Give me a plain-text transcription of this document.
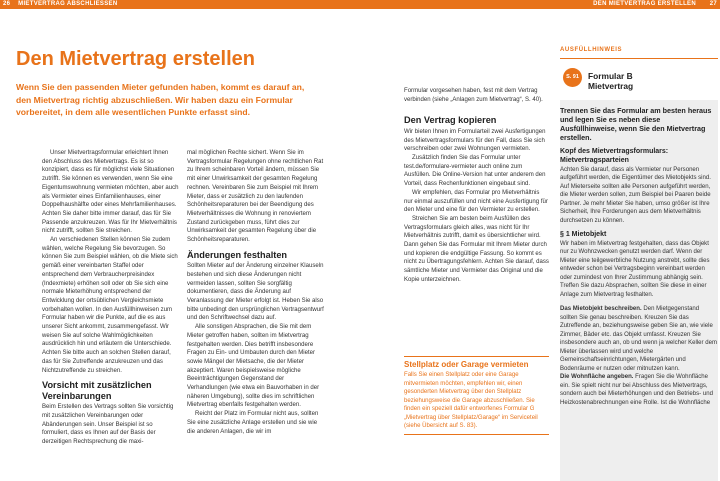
26 MIETVERTRAG ABSCHLIESSEN	DEN MIETVERTRAG ERSTELLEN 27
Den Mietvertrag erstellen
Wenn Sie den passenden Mieter gefunden haben, kommt es darauf an, den Mietvertrag richtig abzuschließen. Wir haben dazu ein Formular vorbereitet, in dem alle wesentlichen Punkte erfasst sind.

Unser Mietvertragsformular erleichtert Ihnen den Abschluss des Mietvertrags. Es ist so konzipiert, dass es für möglichst viele Situationen zutrifft. Sie können es verwenden, wenn Sie eine Eigentumswohnung vermieten möchten, aber auch als Vermieter eines Einfamilienhauses, einer Doppelhaushälfte oder eines Mehrfamilienhauses. Achten Sie daher bitte immer darauf, das für Sie Passende anzukreuzen. Was für Ihr Mietverhältnis nicht zutrifft, sollten Sie streichen.

An verschiedenen Stellen können Sie zudem wählen, welche Regelung Sie bevorzugen. So können Sie zum Beispiel wählen, ob die Miete sich gemäß einer vereinbarten Staffel oder entsprechend dem Verbraucherpreisindex (Indexmiete) erhöhen soll oder ob Sie sich eine normale Mieterhöhung entsprechend der Entwicklung der ortsüblichen Vergleichsmiete vorbehalten wollen. In den Ausfüllhinweisen zum Formular haben wir die Punkte, auf die es aus unserer Sicht ankommt, zusammengefasst. Wir weisen Sie auf solche Wahlmöglichkeiten ausdrücklich hin und erläutern die Unterschiede. Achten Sie bitte auch an solchen Stellen darauf, das für Sie Zutreffende anzukreuzen und das Nichtzutreffende zu streichen.

Vorsicht mit zusätzlichen Vereinbarungen

Beim Erstellen des Vertrags sollten Sie vorsichtig mit zusätzlichen Vereinbarungen oder Abänderungen sein. Unser Beispiel ist so formuliert, dass es Ihnen auf der Basis der derzeitigen Rechtsprechung die maxi-

mal möglichen Rechte sichert. Wenn Sie im Vertragsformular Regelungen ohne rechtlichen Rat zu Ihrem scheinbaren Vorteil ändern, müssen Sie mit einer Unwirksamkeit der gesamten Regelung rechnen. Vereinbaren Sie zum Beispiel mit Ihrem Mieter, dass er zusätzlich zu den laufenden Schönheitsreparaturen bei der Beendigung des Mietverhältnisses die Wohnung in renoviertem Zustand zurückgeben muss, führt dies zur Unwirksamkeit der gesamten Regelung über die Schönheitsreparaturen.

Änderungen festhalten

Sollten Mieter auf der Änderung einzelner Klauseln bestehen und sich diese Änderungen nicht vermeiden lassen, sollten Sie sorgfältig dokumentieren, dass die Änderung auf Veranlassung der Mieter erfolgt ist. Heben Sie also bitte unbedingt den ursprünglichen Vertragsentwurf und den Schriftwechsel dazu auf.

Alle sonstigen Absprachen, die Sie mit dem Mieter getroffen haben, sollten im Mietvertrag festgehalten werden. Dies betrifft insbesondere Fragen zu Ein- und Umbauten durch den Mieter sowie Mängel der Mietsache, die der Mieter akzeptiert. Waren beispielsweise mögliche Beeinträchtigungen Gegenstand der Verhandlungen (wie etwa ein Bauvorhaben in der näheren Umgebung), sollte dies im schriftlichen Mietvertrag ebenfalls festgehalten werden.

Reicht der Platz im Formular nicht aus, sollten Sie eine zusätzliche Anlage erstellen und sie wie die anderen Anlagen, die wir im

Formular vorgesehen haben, fest mit dem Vertrag verbinden (siehe „Anlagen zum Mietvertrag“, S. 40).

Den Vertrag kopieren

Wir bieten Ihnen im Formularteil zwei Ausfertigungen des Mietvertragsformulars für den Fall, dass Sie sich verschreiben oder zwei Wohnungen vermieten.

Zusätzlich finden Sie das Formular unter test.de/formulare-vermieter auch online zum Ausfüllen. Die Online-Version hat unter anderem den Vorteil, dass Rechenfunktionen eingebaut sind.

Wir empfehlen, das Formular pro Mietverhältnis nur einmal auszufüllen und nicht eine Ausfertigung für den Mieter und eine für den Vermieter zu erstellen.

Streichen Sie am besten beim Ausfüllen des Vertragsformulars gleich alles, was nicht für Ihr Mietverhältnis zutrifft, damit es übersichtlicher wird. Dann gehen Sie das Formular mit Ihrem Mieter durch und kopieren die endgültige Fassung. So kommt es nicht zu Übertragungsfehlern. Achten Sie darauf, dass sämtliche Mieter und Vermieter das Original und die Kopie unterzeichnen.

Stellplatz oder Garage vermieten
Falls Sie einen Stellplatz oder eine Garage mitvermieten möchten, empfehlen wir, einen gesonderten Mietvertrag über den Stellplatz beziehungsweise die Garage abzuschließen. Sie finden ein speziell dafür entworfenes Formular G „Mietvertrag über Stellplatz/Garage“ im Serviceteil (siehe Übersicht auf S. 83).
AUSFÜLLHINWEIS
S. 91	Formular B
Mietvertrag
Trennen Sie das Formular am besten heraus und legen Sie es neben diese Ausfüllhinweise, wenn Sie den Mietvertrag erstellen.
Kopf des Mietvertragsformulars: Mietvertragsparteien

Achten Sie darauf, dass als Vermieter nur Personen aufgeführt werden, die Eigentümer des Mietobjekts sind. Auf Mieterseite sollten alle Personen aufgeführt werden, die Mieter werden sollen, zum Beispiel bei Paaren beide Partner. Je mehr Mieter Sie haben, umso größer ist Ihre Sicherheit, Ihre Forderungen aus dem Mietverhältnis durchsetzen zu können.

§ 1 Mietobjekt

Wir haben im Mietvertrag festgehalten, dass das Objekt nur zu Wohnzwecken genutzt werden darf. Wenn der Mieter eine teilgewerbliche Nutzung anstrebt, sollte dies entweder schon bei Vertragsbeginn vereinbart werden oder zumindest von Ihrer Zustimmung abhängig sein. Treffen Sie dazu Absprachen, sollten Sie diese in einer Anlage zum Mietvertrag festhalten.

Das Mietobjekt beschreiben. Den Mietgegenstand sollten Sie genau beschreiben. Kreuzen Sie das Zutreffende an, beziehungsweise geben Sie an, wie viele Zimmer, Bäder etc. das Objekt umfasst. Kreuzen Sie insbesondere auch an, ob und wenn ja welcher Keller dem Mieter überlassen wird und welche Gemeinschaftseinrichtungen, Mietergärten und Bodenräume er nutzen oder mitnutzen kann.

Die Wohnfläche angeben. Fragen Sie die Wohnfläche ein. Sie spielt nicht nur bei Abschluss des Mietvertrags, sondern auch bei Mieterhöhungen und den Betriebs- und Heizkostenabrechnungen eine Rolle. Ist die Wohnfläche
